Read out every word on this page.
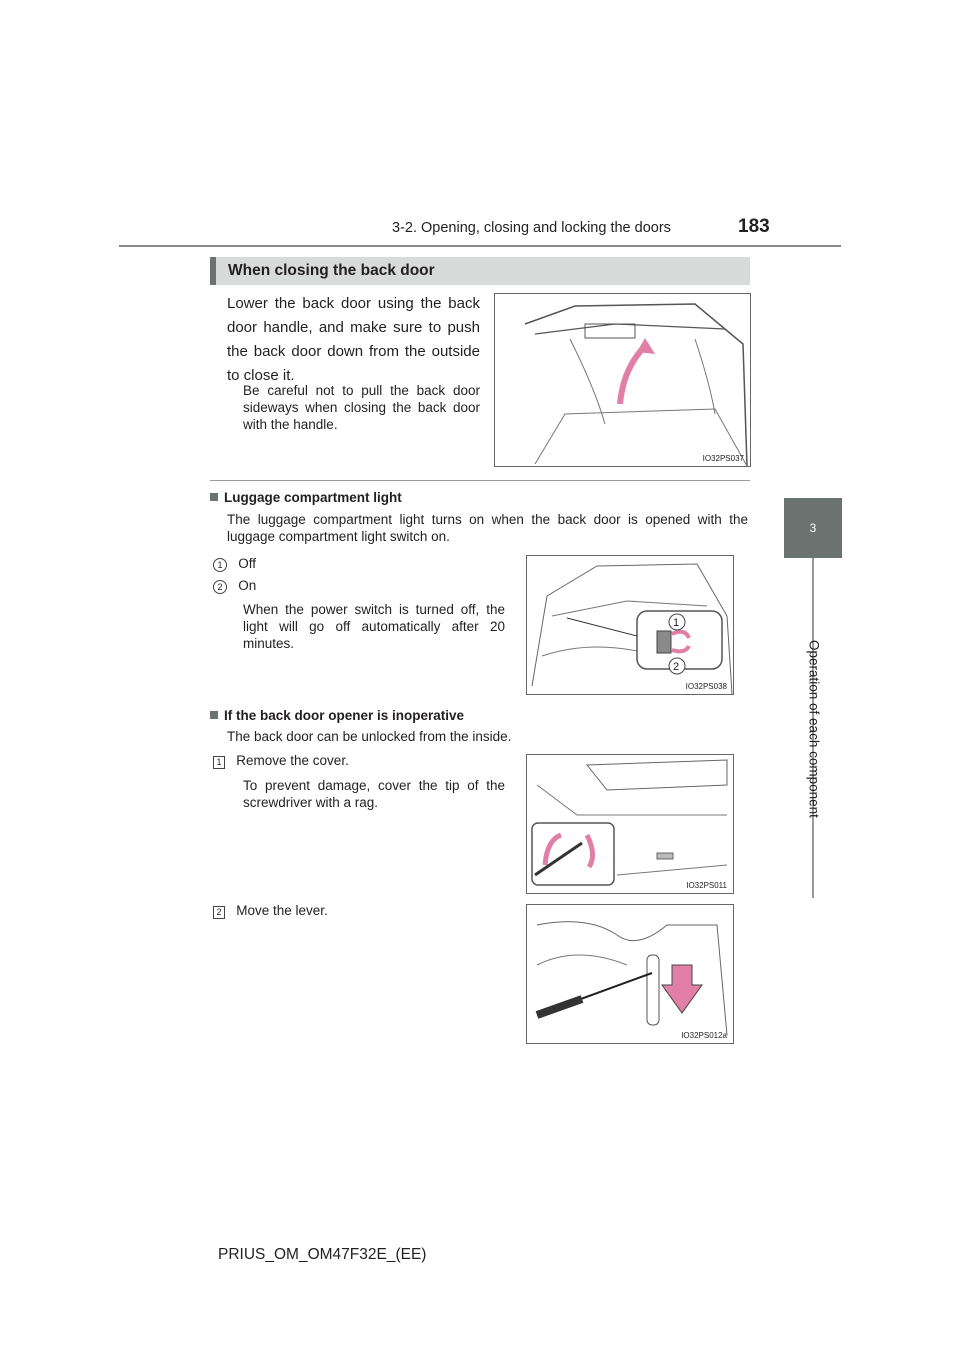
3-2. Opening, closing and locking the doors	183
3
Operation of each component
When closing the back door
Lower the back door using the back door handle, and make sure to push the back door down from the outside to close it.
Be careful not to pull the back door sideways when closing the back door with the handle.
IO32PS037
Luggage compartment light
The luggage compartment light turns on when the back door is opened with the luggage compartment light switch on.
1 Off
2 On
When the power switch is turned off, the light will go off automatically after 20 minutes.
1
2
IO32PS038
If the back door opener is inoperative
The back door can be unlocked from the inside.
1 Remove the cover.
To prevent damage, cover the tip of the screwdriver with a rag.
IO32PS011
2 Move the lever.
IO32PS012a
PRIUS_OM_OM47F32E_(EE)
